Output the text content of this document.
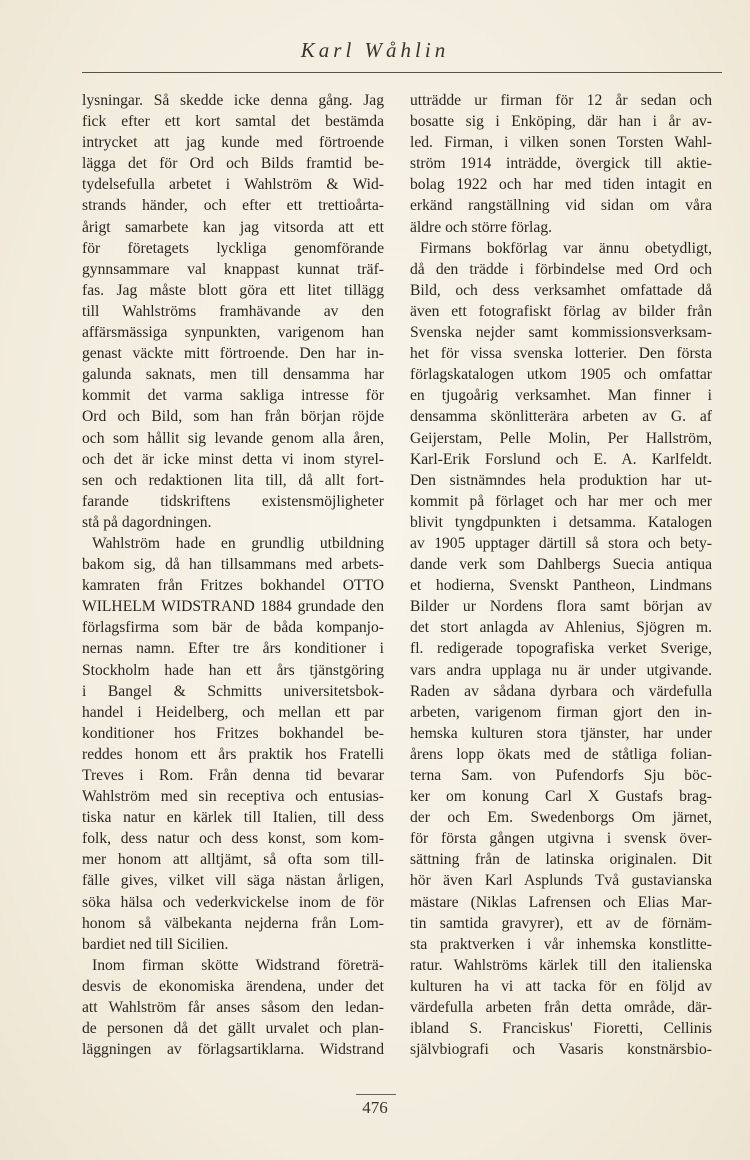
Karl Wåhlin
lysningar. Så skedde icke denna gång. Jag
fick efter ett kort samtal det bestämda
intrycket att jag kunde med förtroende
lägga det för Ord och Bilds framtid be-
tydelsefulla arbetet i Wahlström & Wid-
strands händer, och efter ett trettioårta-
årigt samarbete kan jag vitsorda att ett
för företagets lyckliga genomförande
gynnsammare val knappast kunnat träf-
fas. Jag måste blott göra ett litet tillägg
till Wahlströms framhävande av den
affärsmässiga synpunkten, varigenom han
genast väckte mitt förtroende. Den har in-
galunda saknats, men till densamma har
kommit det varma sakliga intresse för
Ord och Bild, som han från början röjde
och som hållit sig levande genom alla åren,
och det är icke minst detta vi inom styrel-
sen och redaktionen lita till, då allt fort-
farande tidskriftens existensmöjligheter
stå på dagordningen.
Wahlström hade en grundlig utbildning
bakom sig, då han tillsammans med arbets-
kamraten från Fritzes bokhandel OTTO
WILHELM WIDSTRAND 1884 grundade den
förlagsfirma som bär de båda kompanjo-
nernas namn. Efter tre års konditioner i
Stockholm hade han ett års tjänstgöring
i Bangel & Schmitts universitetsbok-
handel i Heidelberg, och mellan ett par
konditioner hos Fritzes bokhandel be-
reddes honom ett års praktik hos Fratelli
Treves i Rom. Från denna tid bevarar
Wahlström med sin receptiva och entusias-
tiska natur en kärlek till Italien, till dess
folk, dess natur och dess konst, som kom-
mer honom att alltjämt, så ofta som till-
fälle gives, vilket vill säga nästan årligen,
söka hälsa och vederkvickelse inom de för
honom så välbekanta nejderna från Lom-
bardiet ned till Sicilien.
Inom firman skötte Widstrand företrä-
desvis de ekonomiska ärendena, under det
att Wahlström får anses såsom den ledan-
de personen då det gällt urvalet och plan-
läggningen av förlagsartiklarna. Widstrand
utträdde ur firman för 12 år sedan och
bosatte sig i Enköping, där han i år av-
led. Firman, i vilken sonen Torsten Wahl-
ström 1914 inträdde, övergick till aktie-
bolag 1922 och har med tiden intagit en
erkänd rangställning vid sidan om våra
äldre och större förlag.
Firmans bokförlag var ännu obetydligt,
då den trädde i förbindelse med Ord och
Bild, och dess verksamhet omfattade då
även ett fotografiskt förlag av bilder från
Svenska nejder samt kommissionsverksam-
het för vissa svenska lotterier. Den första
förlagskatalogen utkom 1905 och omfattar
en tjugoårig verksamhet. Man finner i
densamma skönlitterära arbeten av G. af
Geijerstam, Pelle Molin, Per Hallström,
Karl-Erik Forslund och E. A. Karlfeldt.
Den sistnämndes hela produktion har ut-
kommit på förlaget och har mer och mer
blivit tyngdpunkten i detsamma. Katalogen
av 1905 upptager därtill så stora och bety-
dande verk som Dahlbergs Suecia antiqua
et hodierna, Svenskt Pantheon, Lindmans
Bilder ur Nordens flora samt början av
det stort anlagda av Ahlenius, Sjögren m.
fl. redigerade topografiska verket Sverige,
vars andra upplaga nu är under utgivande.
Raden av sådana dyrbara och värdefulla
arbeten, varigenom firman gjort den in-
hemska kulturen stora tjänster, har under
årens lopp ökats med de ståtliga folian-
terna Sam. von Pufendorfs Sju böc-
ker om konung Carl X Gustafs brag-
der och Em. Swedenborgs Om järnet,
för första gången utgivna i svensk över-
sättning från de latinska originalen. Dit
hör även Karl Asplunds Två gustavianska
mästare (Niklas Lafrensen och Elias Mar-
tin samtida gravyrer), ett av de förnäm-
sta praktverken i vår inhemska konstlitte-
ratur. Wahlströms kärlek till den italienska
kulturen ha vi att tacka för en följd av
värdefulla arbeten från detta område, där-
ibland S. Franciskus' Fioretti, Cellinis
självbiografi och Vasaris konstnärsbio-
476
